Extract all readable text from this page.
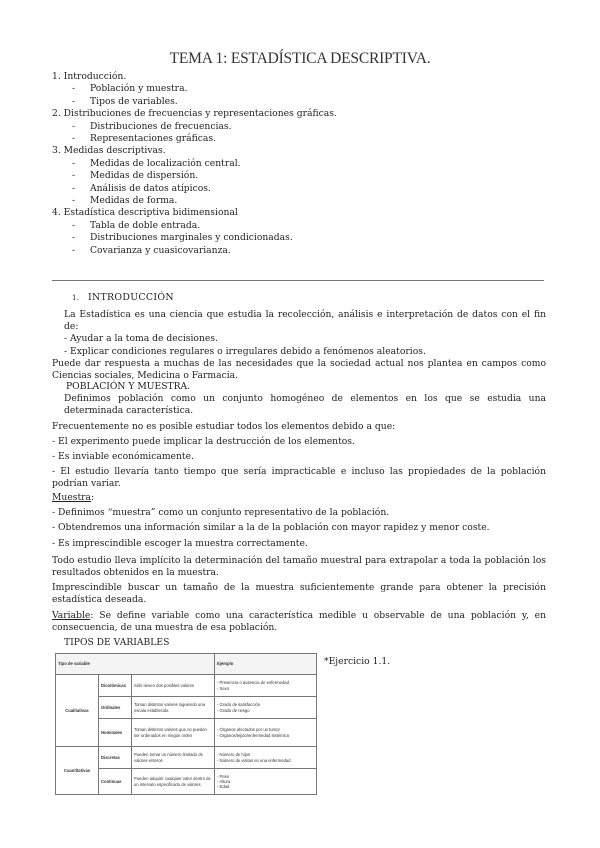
TEMA 1: ESTADÍSTICA DESCRIPTIVA.
1. Introducción.
-	Población y muestra.
-	Tipos de variables.
2. Distribuciones de frecuencias y representaciones gráficas.
-	Distribuciones de frecuencias.
-	Representaciones gráficas.
3. Medidas descriptivas.
-	Medidas de localización central.
-	Medidas de dispersión.
-	Análisis de datos atípicos.
-	Medidas de forma.
4. Estadística descriptiva bidimensional
-	Tabla de doble entrada.
-	Distribuciones marginales y condicionadas.
-	Covarianza y cuasicovarianza.
1. INTRODUCCIÓN
La Estadística es una ciencia que estudia la recolección, análisis e interpretación de datos con el fin de:
- Ayudar a la toma de decisiones.
- Explicar condiciones regulares o irregulares debido a fenómenos aleatorios.
Puede dar respuesta a muchas de las necesidades que la sociedad actual nos plantea en campos como Ciencias sociales, Medicina o Farmacia.
POBLACIÓN Y MUESTRA.
Definimos población como un conjunto homogéneo de elementos en los que se estudia una determinada característica.
Frecuentemente no es posible estudiar todos los elementos debido a que:
- El experimento puede implicar la destrucción de los elementos.
- Es inviable económicamente.
- El estudio llevaría tanto tiempo que sería impracticable e incluso las propiedades de la población podrían variar.
Muestra:
- Definimos “muestra” como un conjunto representativo de la población.
- Obtendremos una información similar a la de la población con mayor rapidez y menor coste.
- Es imprescindible escoger la muestra correctamente.
Todo estudio lleva implícito la determinación del tamaño muestral para extrapolar a toda la población los resultados obtenidos en la muestra.
Imprescindible buscar un tamaño de la muestra suficientemente grande para obtener la precisión estadística deseada.
Variable: Se define variable como una característica medible u observable de una población y, en consecuencia, de una muestra de esa población.
TIPOS DE VARIABLES
Tipo de variable			Ejemplo
Cualitativas	Dicotómicas	Sólo tienen dos posibles valores	- Presencia o ausencia de enfermedad
- Sexo
	Ordinales	Toman distintos valores siguiendo una escala establecida	- Grado de satisfacción
- Grado de riesgo
	Nominales	Toman distintos valores que no pueden ser ordenados en ningún orden	- Órganos afectados por un tumor
- Órganos/tejido/enfermedad sistémica
Cuantitativas	Discretas	Pueden tomar un número limitado de valores enteros	- Número de hijos
- Número de visitas en una enfermedad
	Continuas	Pueden adquirir cualquier valor dentro de un intervalo especificado de valores	- Peso
- Altura
- Edad
*Ejercicio 1.1.
